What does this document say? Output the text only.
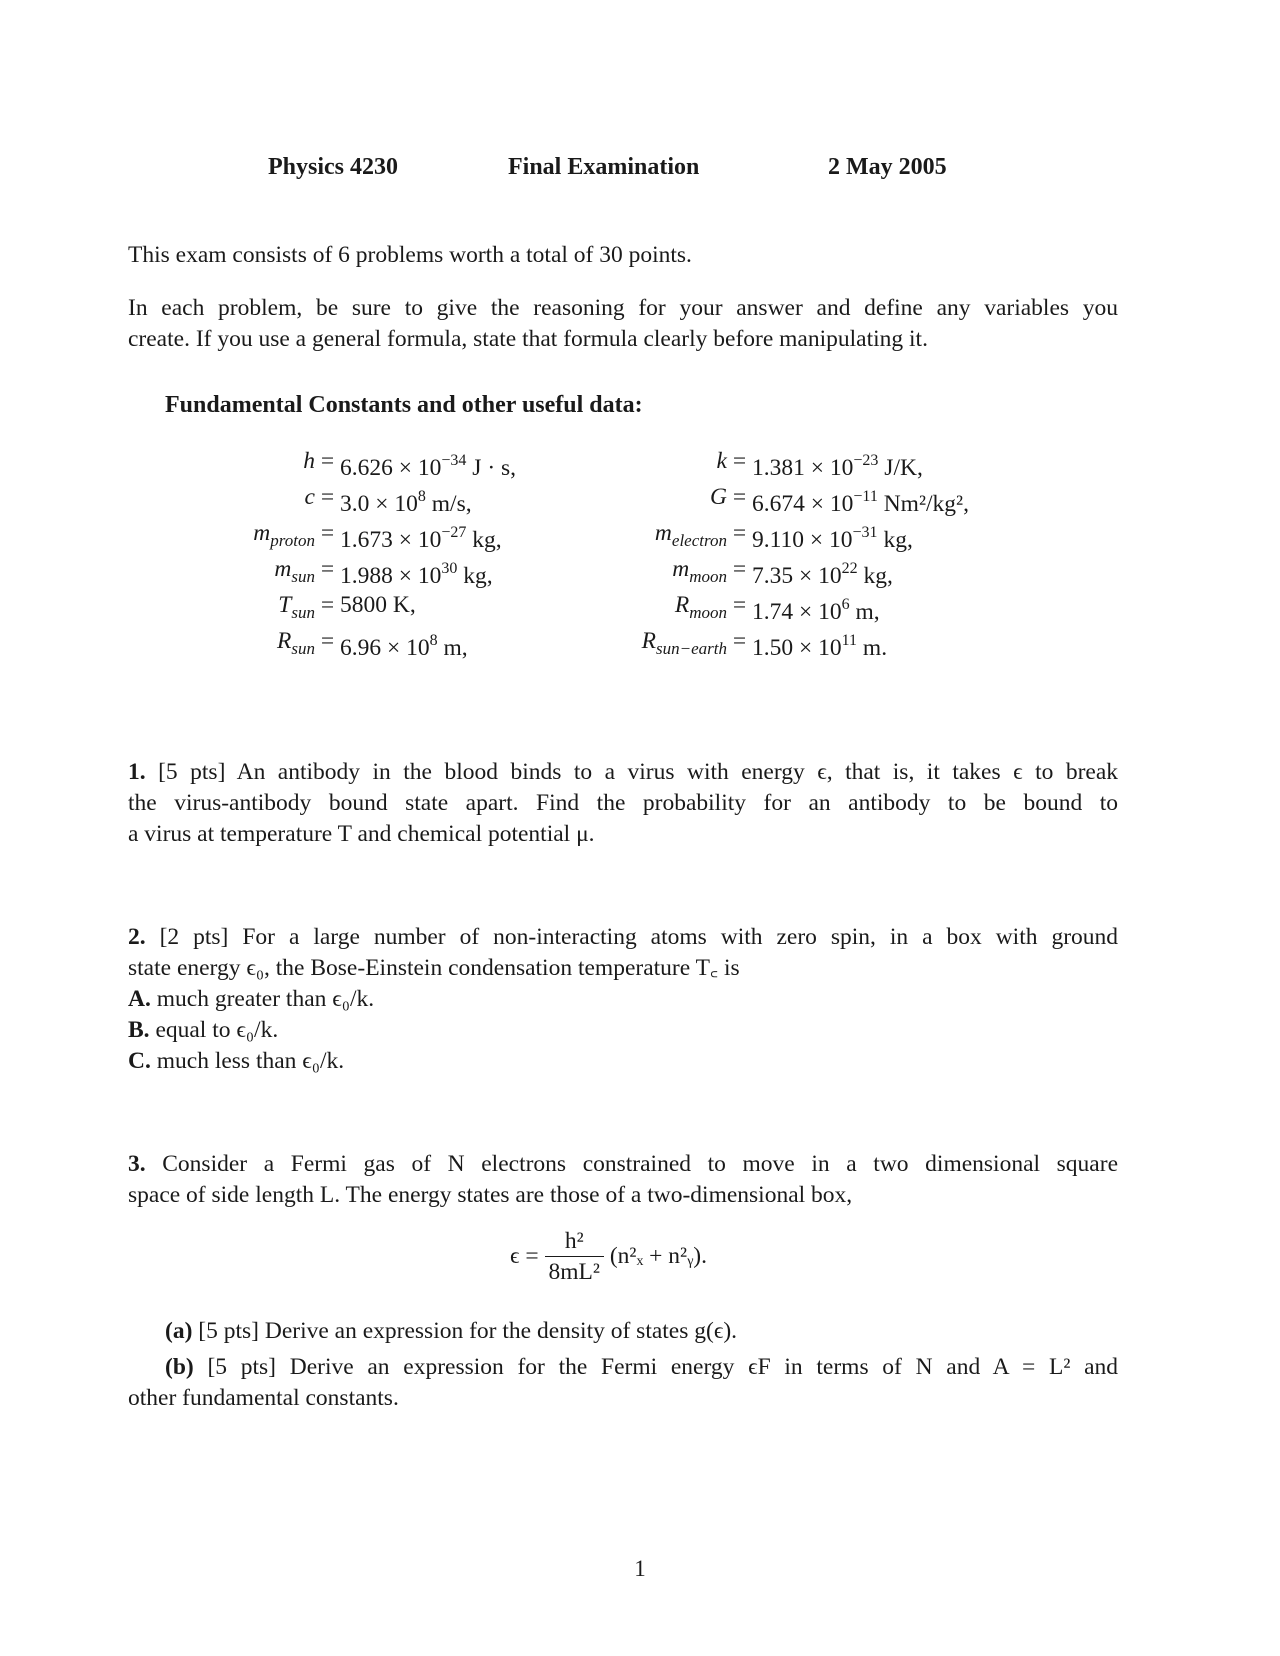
Physics 4230	Final Examination	2 May 2005
This exam consists of 6 problems worth a total of 30 points.
In each problem, be sure to give the reasoning for your answer and define any variables you
create. If you use a general formula, state that formula clearly before manipulating it.
Fundamental Constants and other useful data:
$h = 6.626 \times 10^{-34}$ J · s,
$c = 3.0 \times 10^8$ m/s,
$m_{proton} = 1.673 \times 10^{-27}$ kg,
$m_{sun} = 1.988 \times 10^{30}$ kg,
$T_{sun} = 5800$ K,
$R_{sun} = 6.96 \times 10^8$ m,
$k = 1.381 \times 10^{-23}$ J/K,
$G = 6.674 \times 10^{-11}$ Nm²/kg²,
$m_{electron} = 9.110 \times 10^{-31}$ kg,
$m_{moon} = 7.35 \times 10^{22}$ kg,
$R_{moon} = 1.74 \times 10^6$ m,
$R_{sun-earth} = 1.50 \times 10^{11}$ m.
1. [5 pts] An antibody in the blood binds to a virus with energy ϵ, that is, it takes ϵ to break
the virus-antibody bound state apart. Find the probability for an antibody to be bound to
a virus at temperature T and chemical potential μ.
2. [2 pts] For a large number of non-interacting atoms with zero spin, in a box with ground
state energy ϵ₀, the Bose-Einstein condensation temperature T꜀ is
A. much greater than ϵ₀/k.
B. equal to ϵ₀/k.
C. much less than ϵ₀/k.
3. Consider a Fermi gas of N electrons constrained to move in a two dimensional square
space of side length L. The energy states are those of a two-dimensional box,
$\epsilon = \frac{\text{h²}}{\text{8mL²}} (n^2_x$ + n²ᵧ).
(a) [5 pts] Derive an expression for the density of states g(ϵ).
(b) [5 pts] Derive an expression for the Fermi energy ϵF in terms of N and A = L² and
other fundamental constants.
1
